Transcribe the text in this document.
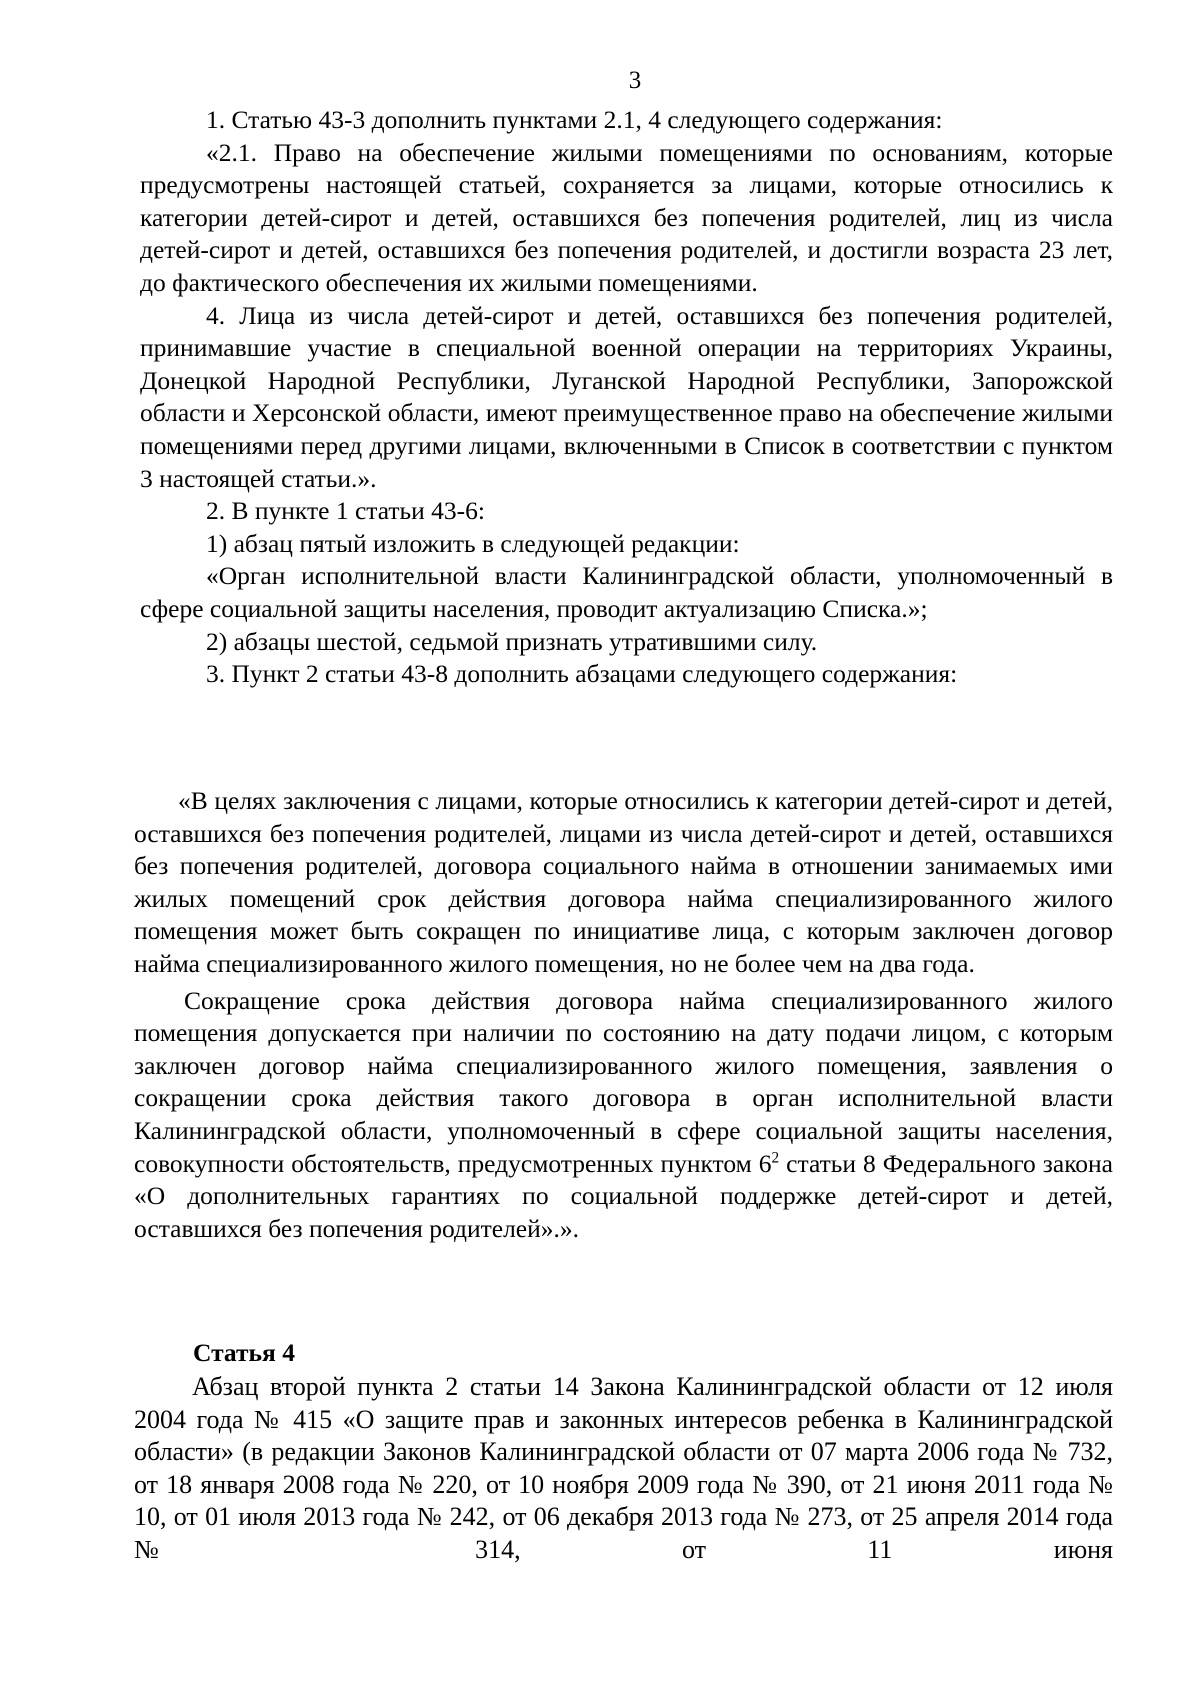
3

1. Статью 43-3 дополнить пунктами 2.1, 4 следующего содержания:

«2.1. Право на обеспечение жилыми помещениями по основаниям, которые предусмотрены настоящей статьей, сохраняется за лицами, которые относились к категории детей-сирот и детей, оставшихся без попечения родителей, лиц из числа детей-сирот и детей, оставшихся без попечения родителей, и достигли возраста 23 лет, до фактического обеспечения их жилыми помещениями.

4. Лица из числа детей-сирот и детей, оставшихся без попечения родителей, принимавшие участие в специальной военной операции на территориях Украины, Донецкой Народной Республики, Луганской Народной Республики, Запорожской области и Херсонской области, имеют преимущественное право на обеспечение жилыми помещениями перед другими лицами, включенными в Список в соответствии с пунктом 3 настоящей статьи.».

2. В пункте 1 статьи 43-6:

1) абзац пятый изложить в следующей редакции:

«Орган исполнительной власти Калининградской области, уполномоченный в сфере социальной защиты населения, проводит актуализацию Списка.»;

2) абзацы шестой, седьмой признать утратившими силу.

3. Пункт 2 статьи 43-8 дополнить абзацами следующего содержания:

«В целях заключения с лицами, которые относились к категории детей-сирот и детей, оставшихся без попечения родителей, лицами из числа детей-сирот и детей, оставшихся без попечения родителей, договора социального найма в отношении занимаемых ими жилых помещений срок действия договора найма специализированного жилого помещения может быть сокращен по инициативе лица, с которым заключен договор найма специализированного жилого помещения, но не более чем на два года.

Сокращение срока действия договора найма специализированного жилого помещения допускается при наличии по состоянию на дату подачи лицом, с которым заключен договор найма специализированного жилого помещения, заявления о сокращении срока действия такого договора в орган исполнительной власти Калининградской области, уполномоченный в сфере социальной защиты населения, совокупности обстоятельств, предусмотренных пунктом $6^2$ статьи 8 Федерального закона «О дополнительных гарантиях по социальной поддержке детей-сирот и детей, оставшихся без попечения родителей».».

Статья 4

Абзац второй пункта 2 статьи 14 Закона Калининградской области от 12 июля 2004 года № 415 «О защите прав и законных интересов ребенка в Калининградской области» (в редакции Законов Калининградской области от 07 марта 2006 года № 732, от 18 января 2008 года № 220, от 10 ноября 2009 года № 390, от 21 июня 2011 года № 10, от 01 июля 2013 года № 242, от 06 декабря 2013 года № 273, от 25 апреля 2014 года № 314, от 11 июня
